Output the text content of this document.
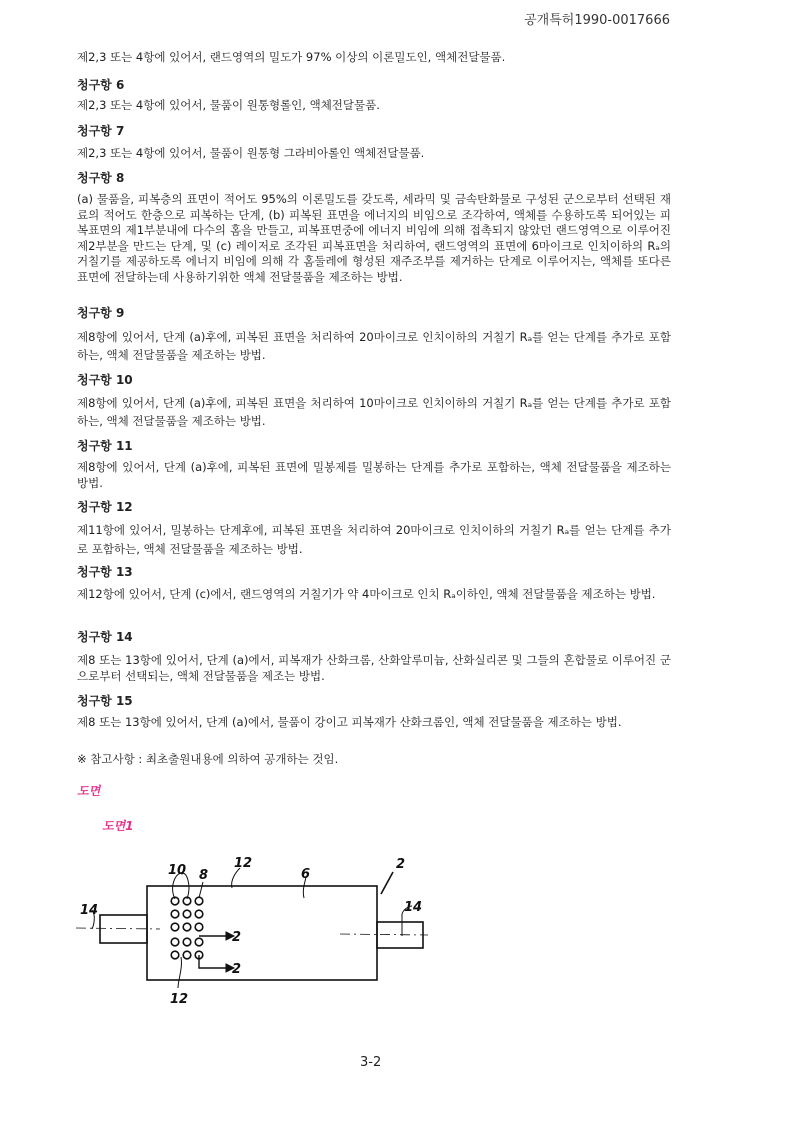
공개특허1990-0017666
제2,3 또는 4항에 있어서, 랜드영역의 밀도가 97% 이상의 이론밀도인, 액체전달물품.
청구항 6
제2,3 또는 4항에 있어서, 물품이 원통형롤인, 액체전달물품.
청구항 7
제2,3 또는 4항에 있어서, 물품이 원통형 그라비아롤인 액체전달물품.
청구항 8
(a) 물품을, 피복층의 표면이 적어도 95%의 이론밀도를 갖도록, 세라믹 및 금속탄화물로 구성된 군으로부터 선택된 재료의 적어도 한층으로 피복하는 단계, (b) 피복된 표면을 에너지의 비임으로 조각하여, 액체를 수용하도록 되어있는 피복표면의 제1부분내에 다수의 홈을 만들고, 피복표면중에 에너지 비임에 의해 접촉되지 않았던 랜드영역으로 이루어진 제2부분을 만드는 단계, 및 (c) 레이저로 조각된 피복표면을 처리하여, 랜드영역의 표면에 6마이크로 인치이하의 Rₐ의 거칠기를 제공하도록 에너지 비임에 의해 각 홈둘레에 형성된 재주조부를 제거하는 단계로 이루어지는, 액체를 또다른 표면에 전달하는데 사용하기위한 액체 전달물품을 제조하는 방법.
청구항 9
제8항에 있어서, 단계 (a)후에, 피복된 표면을 처리하여 20마이크로 인치이하의 거칠기 Rₐ를 얻는 단계를 추가로 포함하는, 액체 전달물품을 제조하는 방법.
청구항 10
제8항에 있어서, 단계 (a)후에, 피복된 표면을 처리하여 10마이크로 인치이하의 거칠기 Rₐ를 얻는 단계를 추가로 포함하는, 액체 전달물품을 제조하는 방법.
청구항 11
제8항에 있어서, 단계 (a)후에, 피복된 표면에 밀봉제를 밀봉하는 단계를 추가로 포함하는, 액체 전달물품을 제조하는 방법.
청구항 12
제11항에 있어서, 밀봉하는 단계후에, 피복된 표면을 처리하여 20마이크로 인치이하의 거칠기 Rₐ를 얻는 단계를 추가로 포함하는, 액체 전달물품을 제조하는 방법.
청구항 13
제12항에 있어서, 단계 (c)에서, 랜드영역의 거칠기가 약 4마이크로 인치 Rₐ이하인, 액체 전달물품을 제조하는 방법.
청구항 14
제8 또는 13항에 있어서, 단계 (a)에서, 피복재가 산화크롬, 산화알루미늄, 산화실리콘 및 그들의 혼합물로 이루어진 군으로부터 선택되는, 액체 전달물품을 제조는 방법.
청구항 15
제8 또는 13항에 있어서, 단계 (a)에서, 물품이 강이고 피복재가 산화크롬인, 액체 전달물품을 제조하는 방법.
※ 참고사항 : 최초출원내용에 의하여 공개하는 것임.
도면
도면1
10 8
12
6
2
14	14
2
2
12
3-2
